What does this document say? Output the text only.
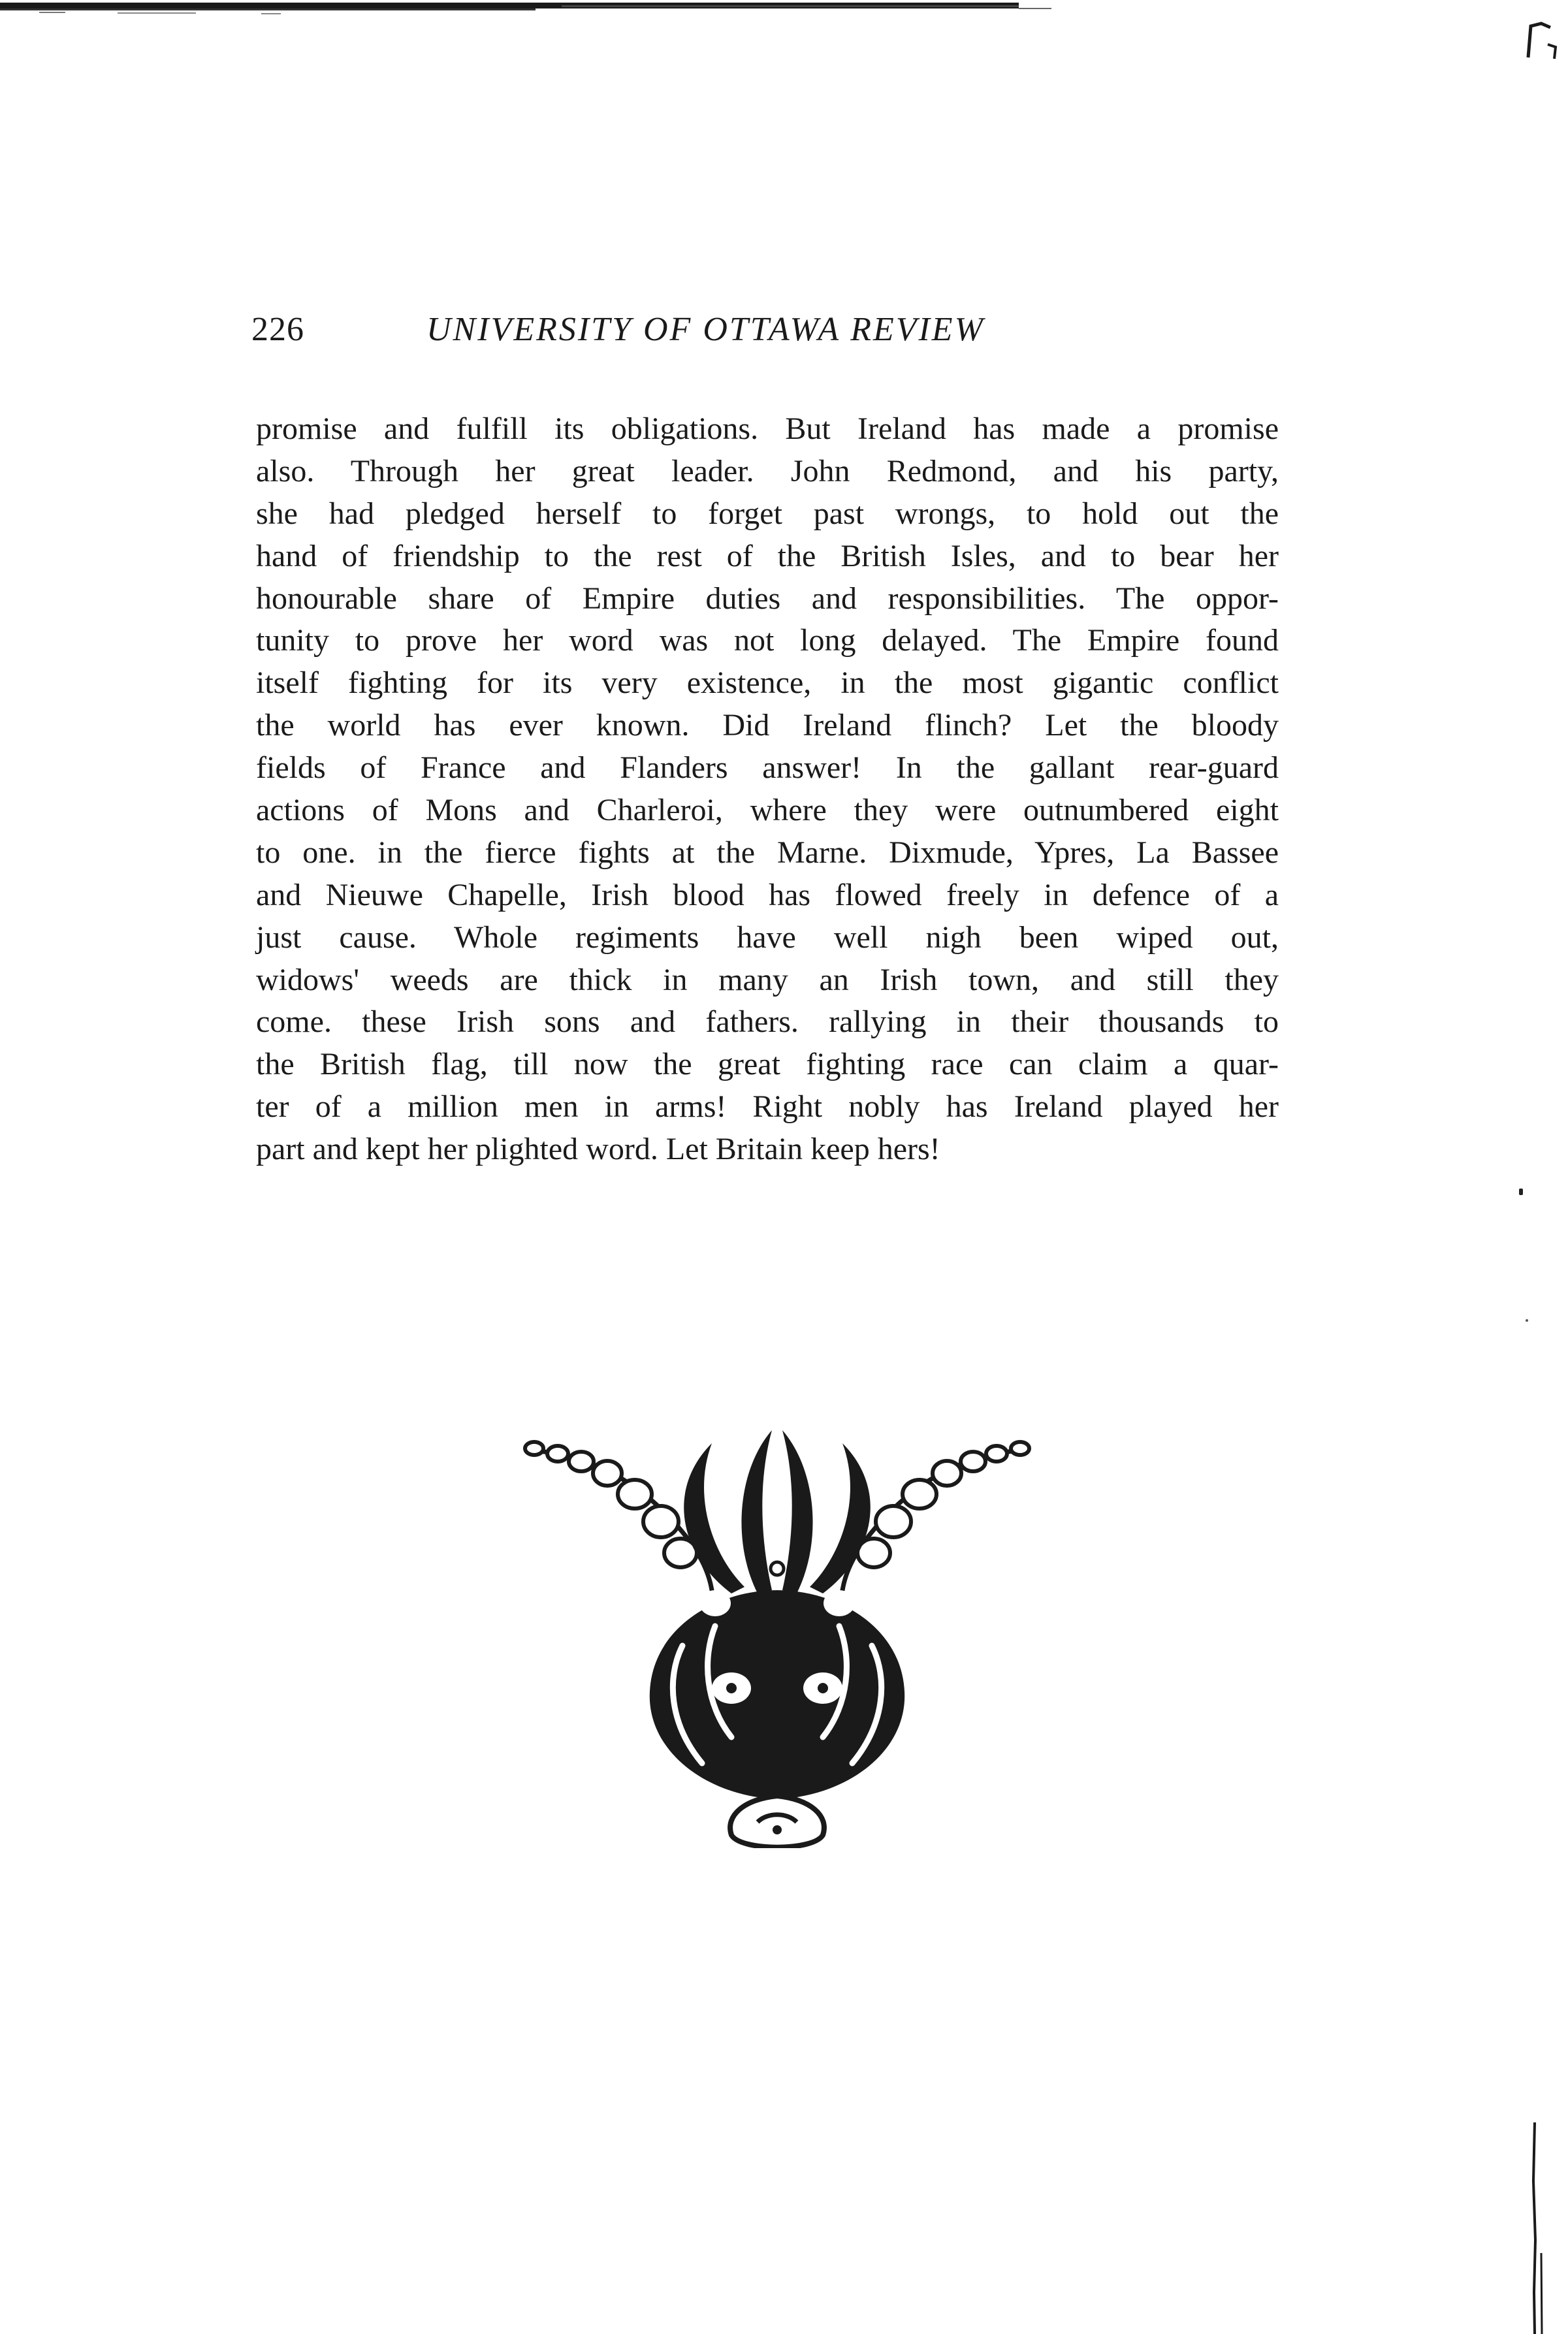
226	UNIVERSITY OF OTTAWA REVIEW
promise and fulfill its obligations. But Ireland has made a promise
also. Through her great leader. John Redmond, and his party,
she had pledged herself to forget past wrongs, to hold out the
hand of friendship to the rest of the British Isles, and to bear her
honourable share of Empire duties and responsibilities. The oppor-
tunity to prove her word was not long delayed. The Empire found
itself fighting for its very existence, in the most gigantic conflict
the world has ever known. Did Ireland flinch? Let the bloody
fields of France and Flanders answer! In the gallant rear-guard
actions of Mons and Charleroi, where they were outnumbered eight
to one. in the fierce fights at the Marne. Dixmude, Ypres, La Bassee
and Nieuwe Chapelle, Irish blood has flowed freely in defence of a
just cause. Whole regiments have well nigh been wiped out,
widows' weeds are thick in many an Irish town, and still they
come. these Irish sons and fathers. rallying in their thousands to
the British flag, till now the great fighting race can claim a quar-
ter of a million men in arms! Right nobly has Ireland played her
part and kept her plighted word. Let Britain keep hers!
